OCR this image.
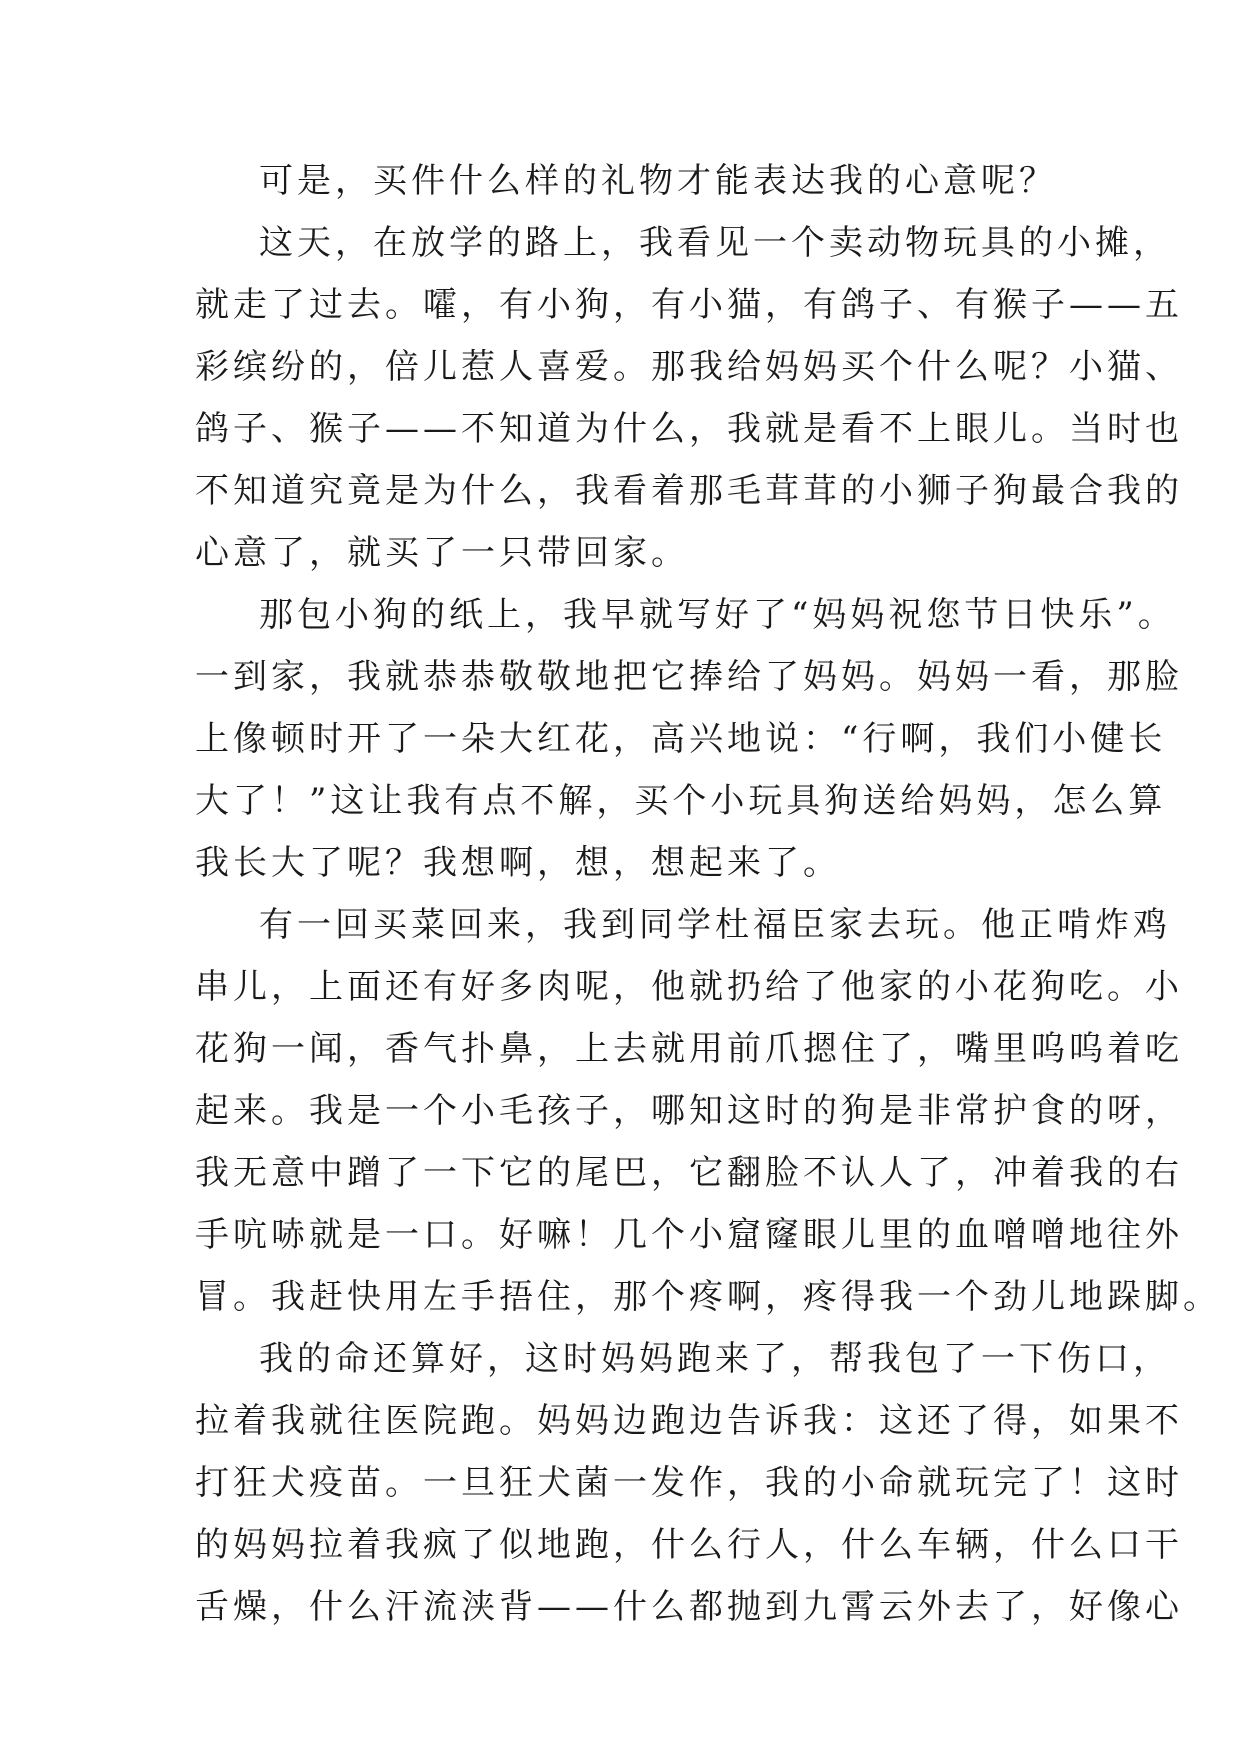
可是，买件什么样的礼物才能表达我的心意呢？
这天，在放学的路上，我看见一个卖动物玩具的小摊，
就走了过去。嚯，有小狗，有小猫，有鸽子、有猴子——五
彩缤纷的，倍儿惹人喜爱。那我给妈妈买个什么呢？小猫、
鸽子、猴子——不知道为什么，我就是看不上眼儿。当时也
不知道究竟是为什么，我看着那毛茸茸的小狮子狗最合我的
心意了，就买了一只带回家。
那包小狗的纸上，我早就写好了“妈妈祝您节日快乐”。
一到家，我就恭恭敬敬地把它捧给了妈妈。妈妈一看，那脸
上像顿时开了一朵大红花，高兴地说：“行啊，我们小健长
大了！”这让我有点不解，买个小玩具狗送给妈妈，怎么算
我长大了呢？我想啊，想，想起来了。
有一回买菜回来，我到同学杜福臣家去玩。他正啃炸鸡
串儿，上面还有好多肉呢，他就扔给了他家的小花狗吃。小
花狗一闻，香气扑鼻，上去就用前爪摁住了，嘴里呜呜着吃
起来。我是一个小毛孩子，哪知这时的狗是非常护食的呀，
我无意中蹭了一下它的尾巴，它翻脸不认人了，冲着我的右
手吭哧就是一口。好嘛！几个小窟窿眼儿里的血噌噌地往外
冒。我赶快用左手捂住，那个疼啊，疼得我一个劲儿地跺脚。
我的命还算好，这时妈妈跑来了，帮我包了一下伤口，
拉着我就往医院跑。妈妈边跑边告诉我：这还了得，如果不
打狂犬疫苗。一旦狂犬菌一发作，我的小命就玩完了！这时
的妈妈拉着我疯了似地跑，什么行人，什么车辆，什么口干
舌燥，什么汗流浃背——什么都抛到九霄云外去了，好像心
